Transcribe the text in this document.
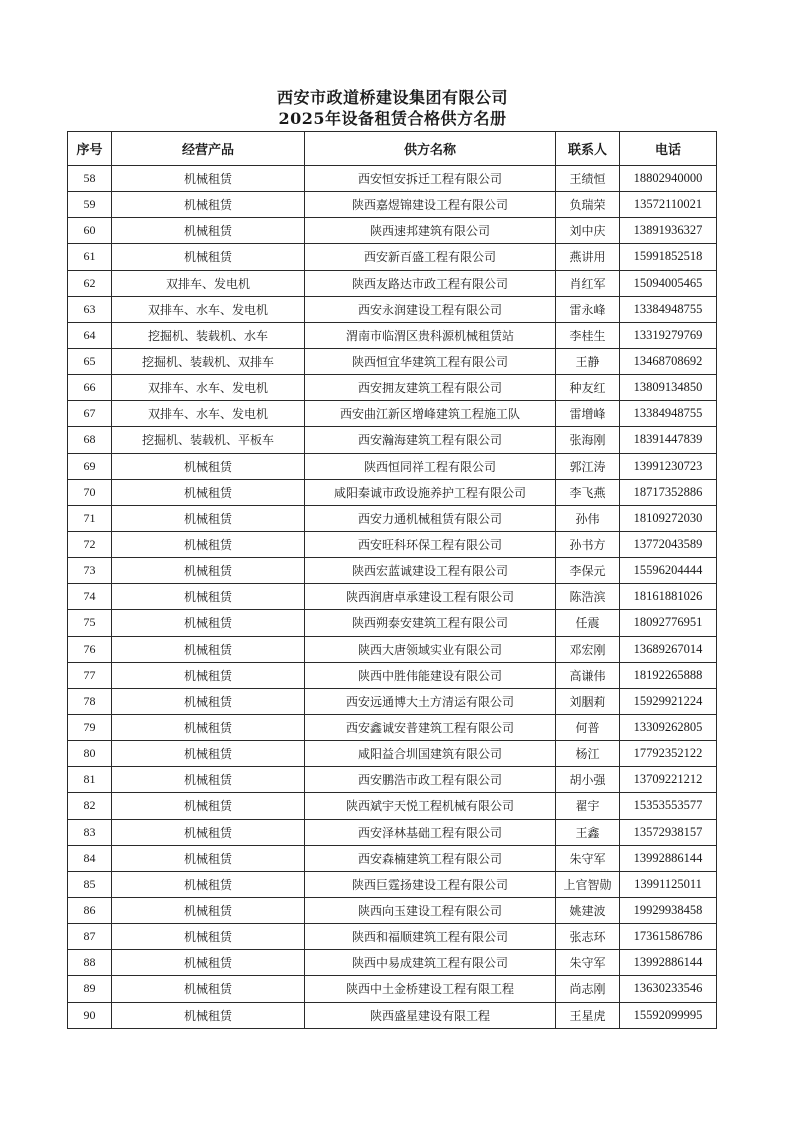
西安市政道桥建设集团有限公司
2025年设备租赁合格供方名册
序号	经营产品	供方名称	联系人	电话
58	机械租赁	西安恒安拆迁工程有限公司	王绩恒	18802940000
59	机械租赁	陕西嘉煜锦建设工程有限公司	负瑞荣	13572110021
60	机械租赁	陕西速邦建筑有限公司	刘中庆	13891936327
61	机械租赁	西安新百盛工程有限公司	燕讲用	15991852518
62	双排车、发电机	陕西友路达市政工程有限公司	肖红军	15094005465
63	双排车、水车、发电机	西安永润建设工程有限公司	雷永峰	13384948755
64	挖掘机、装载机、水车	渭南市临渭区贵科源机械租赁站	李桂生	13319279769
65	挖掘机、装载机、双排车	陕西恒宜华建筑工程有限公司	王静	13468708692
66	双排车、水车、发电机	西安拥友建筑工程有限公司	种友红	13809134850
67	双排车、水车、发电机	西安曲江新区增峰建筑工程施工队	雷增峰	13384948755
68	挖掘机、装载机、平板车	西安瀚海建筑工程有限公司	张海刚	18391447839
69	机械租赁	陕西恒同祥工程有限公司	郭江涛	13991230723
70	机械租赁	咸阳秦诚市政设施养护工程有限公司	李飞燕	18717352886
71	机械租赁	西安力通机械租赁有限公司	孙伟	18109272030
72	机械租赁	西安旺科环保工程有限公司	孙书方	13772043589
73	机械租赁	陕西宏蓝诚建设工程有限公司	李保元	15596204444
74	机械租赁	陕西润唐卓承建设工程有限公司	陈浩滨	18161881026
75	机械租赁	陕西朔泰安建筑工程有限公司	任震	18092776951
76	机械租赁	陕西大唐领域实业有限公司	邓宏刚	13689267014
77	机械租赁	陕西中胜伟能建设有限公司	高谦伟	18192265888
78	机械租赁	西安远通博大土方清运有限公司	刘胭莉	15929921224
79	机械租赁	西安鑫诚安普建筑工程有限公司	何普	13309262805
80	机械租赁	咸阳益合圳国建筑有限公司	杨江	17792352122
81	机械租赁	西安鹏浩市政工程有限公司	胡小强	13709221212
82	机械租赁	陕西斌宇天悦工程机械有限公司	翟宇	15353553577
83	机械租赁	西安泽林基础工程有限公司	王鑫	13572938157
84	机械租赁	西安森楠建筑工程有限公司	朱守军	13992886144
85	机械租赁	陕西巨霆扬建设工程有限公司	上官智勋	13991125011
86	机械租赁	陕西向玉建设工程有限公司	姚建波	19929938458
87	机械租赁	陕西和福顺建筑工程有限公司	张志环	17361586786
88	机械租赁	陕西中易成建筑工程有限公司	朱守军	13992886144
89	机械租赁	陕西中土金桥建设工程有限工程	尚志刚	13630233546
90	机械租赁	陕西盛星建设有限工程	王星虎	15592099995
